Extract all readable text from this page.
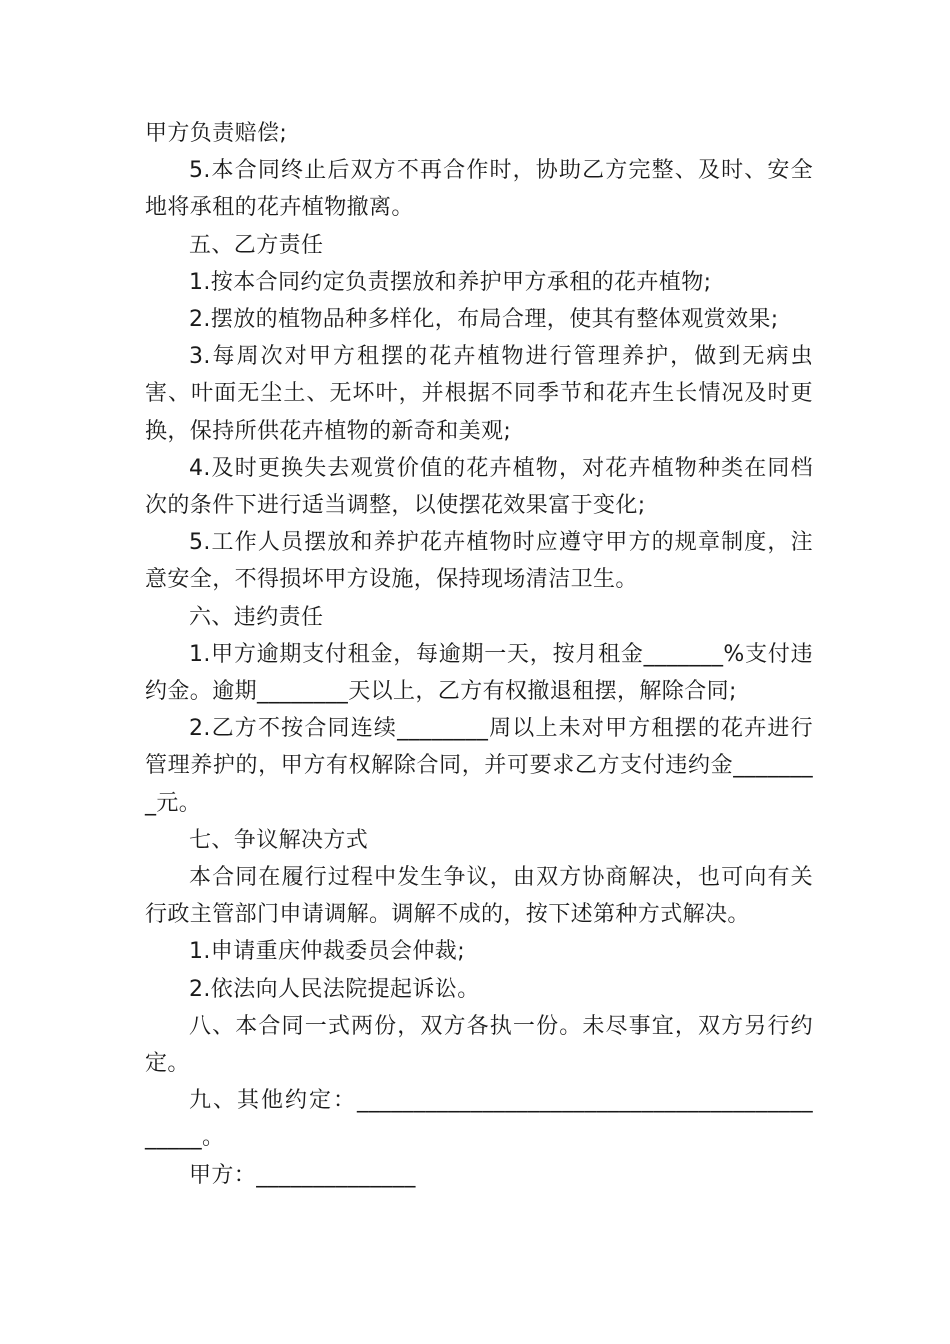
甲方负责赔偿;

5.本合同终止后双方不再合作时，协助乙方完整、及时、安全地将承租的花卉植物撤离。

五、乙方责任

1.按本合同约定负责摆放和养护甲方承租的花卉植物;

2.摆放的植物品种多样化，布局合理，使其有整体观赏效果;

3.每周次对甲方租摆的花卉植物进行管理养护，做到无病虫害、叶面无尘土、无坏叶，并根据不同季节和花卉生长情况及时更换，保持所供花卉植物的新奇和美观;

4.及时更换失去观赏价值的花卉植物，对花卉植物种类在同档次的条件下进行适当调整，以使摆花效果富于变化;

5.工作人员摆放和养护花卉植物时应遵守甲方的规章制度，注意安全，不得损坏甲方设施，保持现场清洁卫生。

六、违约责任

1.甲方逾期支付租金，每逾期一天，按月租金_______%支付违约金。逾期________天以上，乙方有权撤退租摆，解除合同;

2.乙方不按合同连续________周以上未对甲方租摆的花卉进行管理养护的，甲方有权解除合同，并可要求乙方支付违约金________元。

七、争议解决方式

本合同在履行过程中发生争议，由双方协商解决，也可向有关行政主管部门申请调解。调解不成的，按下述第种方式解决。

1.申请重庆仲裁委员会仲裁;

2.依法向人民法院提起诉讼。

八、本合同一式两份，双方各执一份。未尽事宜，双方另行约定。

九、其他约定：_____________________________________________。

甲方：______________
